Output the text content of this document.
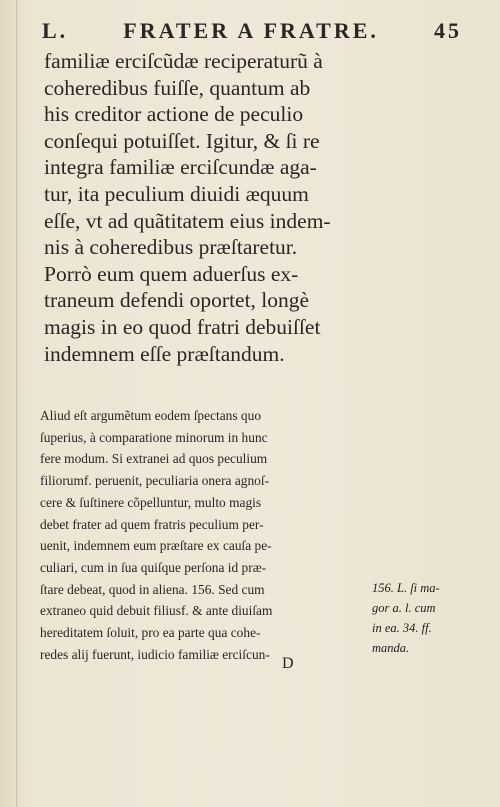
L.	FRATER A FRATRE.	45
familiæ erciſcũdæ reciperaturũ à
coheredibus fuiſſe, quantum ab
his creditor actione de peculio
conſequi potuiſſet. Igitur, & ſi re
integra familiæ erciſcundæ aga-
tur, ita peculium diuidi æquum
eſſe, vt ad quãtitatem eius indem-
nis à coheredibus præſtaretur.
Porrò eum quem aduerſus ex-
traneum defendi oportet, longè
magis in eo quod fratri debuiſſet
indemnem eſſe præſtandum.
Aliud eſt argumẽtum eodem ſpectans quo
ſuperius, à comparatione minorum in hunc
fere modum. Si extranei ad quos peculium
filiorumf. peruenit, peculiaria onera agnoſ-
cere & ſuſtinere cõpelluntur, multo magis
debet frater ad quem fratris peculium per-
uenit, indemnem eum præſtare ex cauſa pe-
culiari, cum in ſua quiſque perſona id præ-
ſtare debeat, quod in aliena. 156. Sed cum
extraneo quid debuit filiusf. & ante diuiſam
hereditatem ſoluit, pro ea parte qua cohe-
redes alij fuerunt, iudicio familiæ erciſcun-
D
156. L. ſi ma-
gor a. l. cum
in ea. 34. ff.
manda.
